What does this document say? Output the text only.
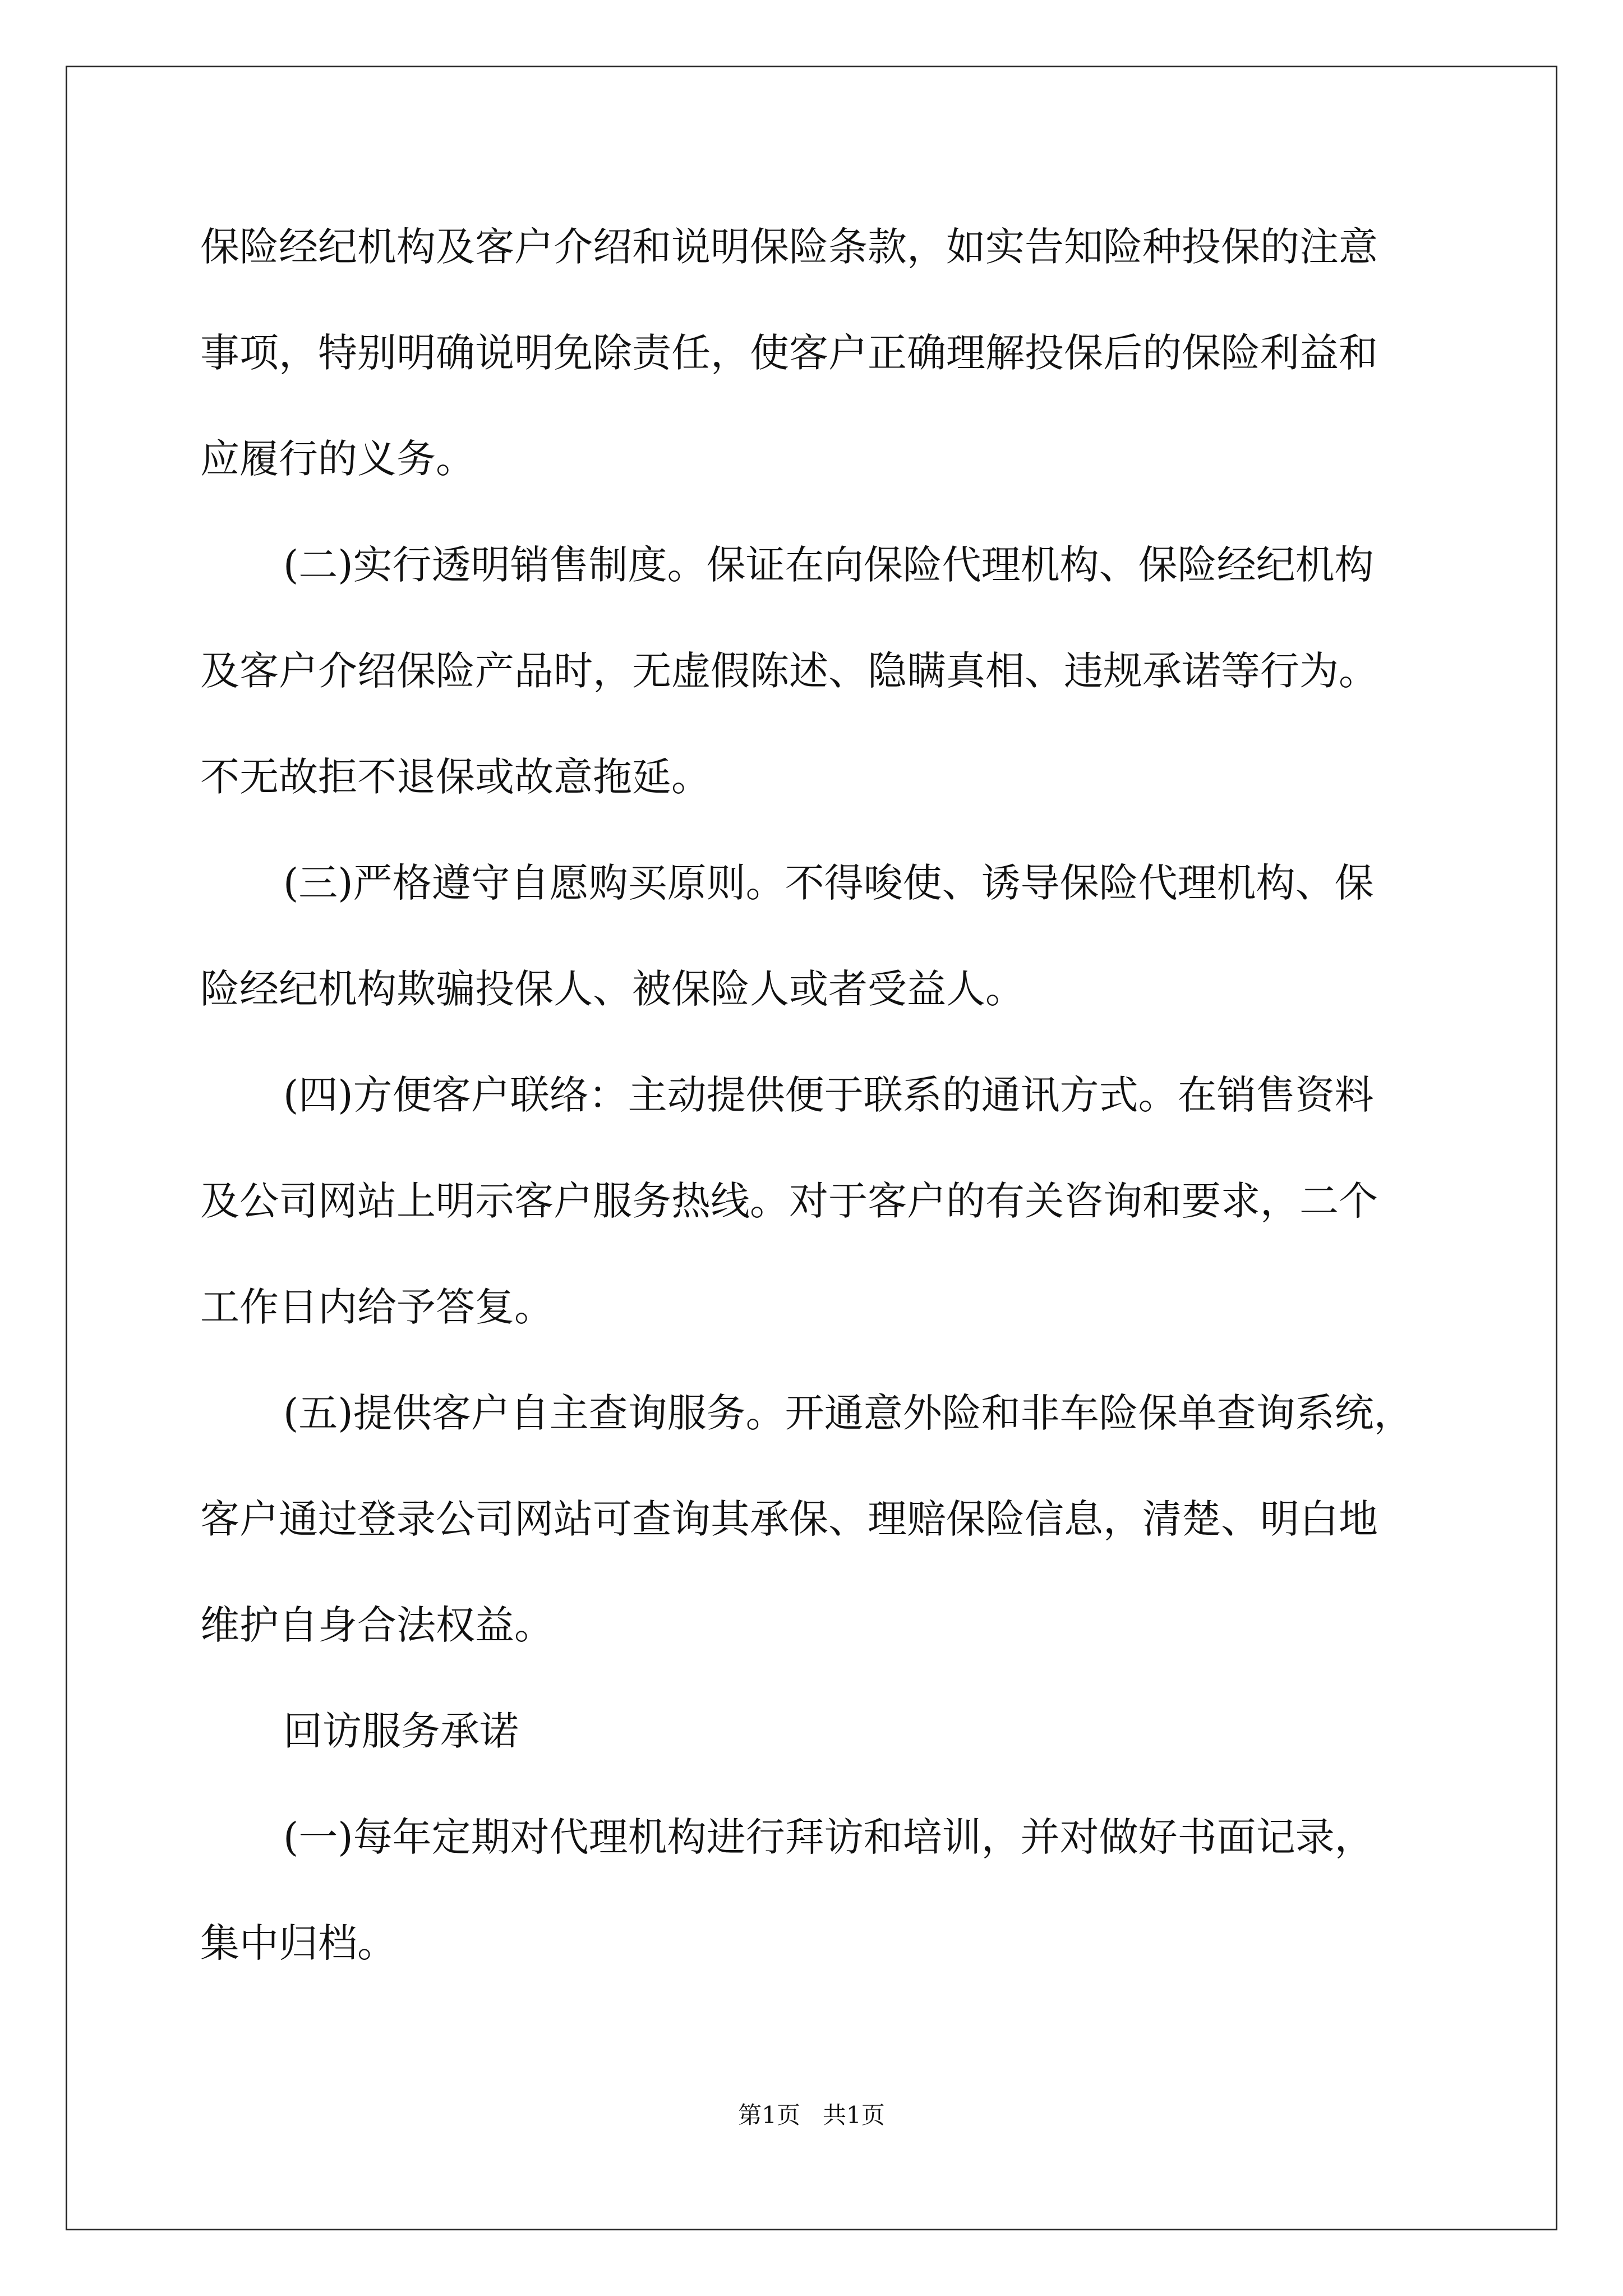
保险经纪机构及客户介绍和说明保险条款，如实告知险种投保的注意
事项，特别明确说明免除责任，使客户正确理解投保后的保险利益和
应履行的义务。
(二)实行透明销售制度。保证在向保险代理机构、保险经纪机构
及客户介绍保险产品时，无虚假陈述、隐瞒真相、违规承诺等行为。
不无故拒不退保或故意拖延。
(三)严格遵守自愿购买原则。不得唆使、诱导保险代理机构、保
险经纪机构欺骗投保人、被保险人或者受益人。
(四)方便客户联络：主动提供便于联系的通讯方式。在销售资料
及公司网站上明示客户服务热线。对于客户的有关咨询和要求，二个
工作日内给予答复。
(五)提供客户自主查询服务。开通意外险和非车险保单查询系统，
客户通过登录公司网站可查询其承保、理赔保险信息，清楚、明白地
维护自身合法权益。
回访服务承诺
(一)每年定期对代理机构进行拜访和培训，并对做好书面记录，
集中归档。
第1页   共1页
